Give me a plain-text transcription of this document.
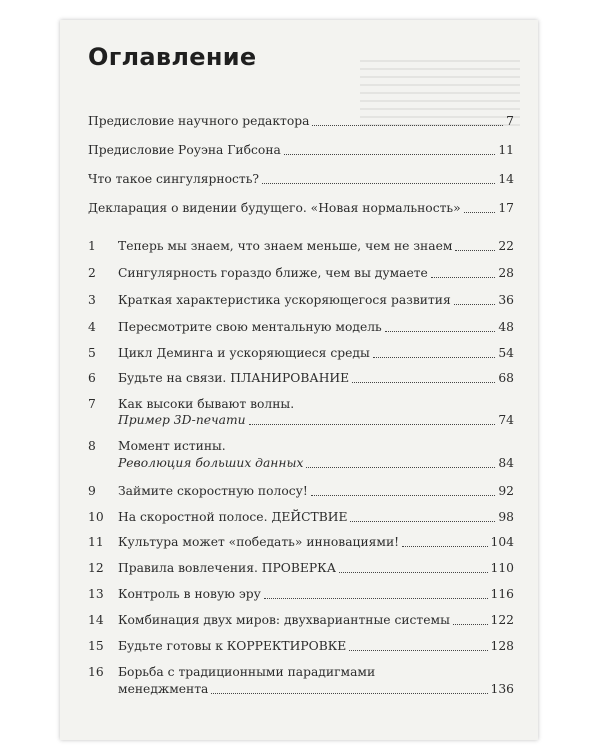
Оглавление
Предисловие научного редактора	7
Предисловие Роуэна Гибсона	11
Что такое сингулярность?	14
Декларация о видении будущего. «Новая нормальность»	17
1	Теперь мы знаем, что знаем меньше, чем не знаем	22
2	Сингулярность гораздо ближе, чем вы думаете	28
3	Краткая характеристика ускоряющегося развития	36
4	Пересмотрите свою ментальную модель	48
5	Цикл Деминга и ускоряющиеся среды	54
6	Будьте на связи. ПЛАНИРОВАНИЕ	68
7	Как высоки бывают волны.
Пример 3D-печати	74
8	Момент истины.
Революция больших данных	84
9	Займите скоростную полосу!	92
10	На скоростной полосе. ДЕЙСТВИЕ	98
11	Культура может «победать» инновациями!	104
12	Правила вовлечения. ПРОВЕРКА	110
13	Контроль в новую эру	116
14	Комбинация двух миров: двухвариантные системы	122
15	Будьте готовы к КОРРЕКТИРОВКЕ	128
16	Борьба с традиционными парадигмами
менеджмента	136
